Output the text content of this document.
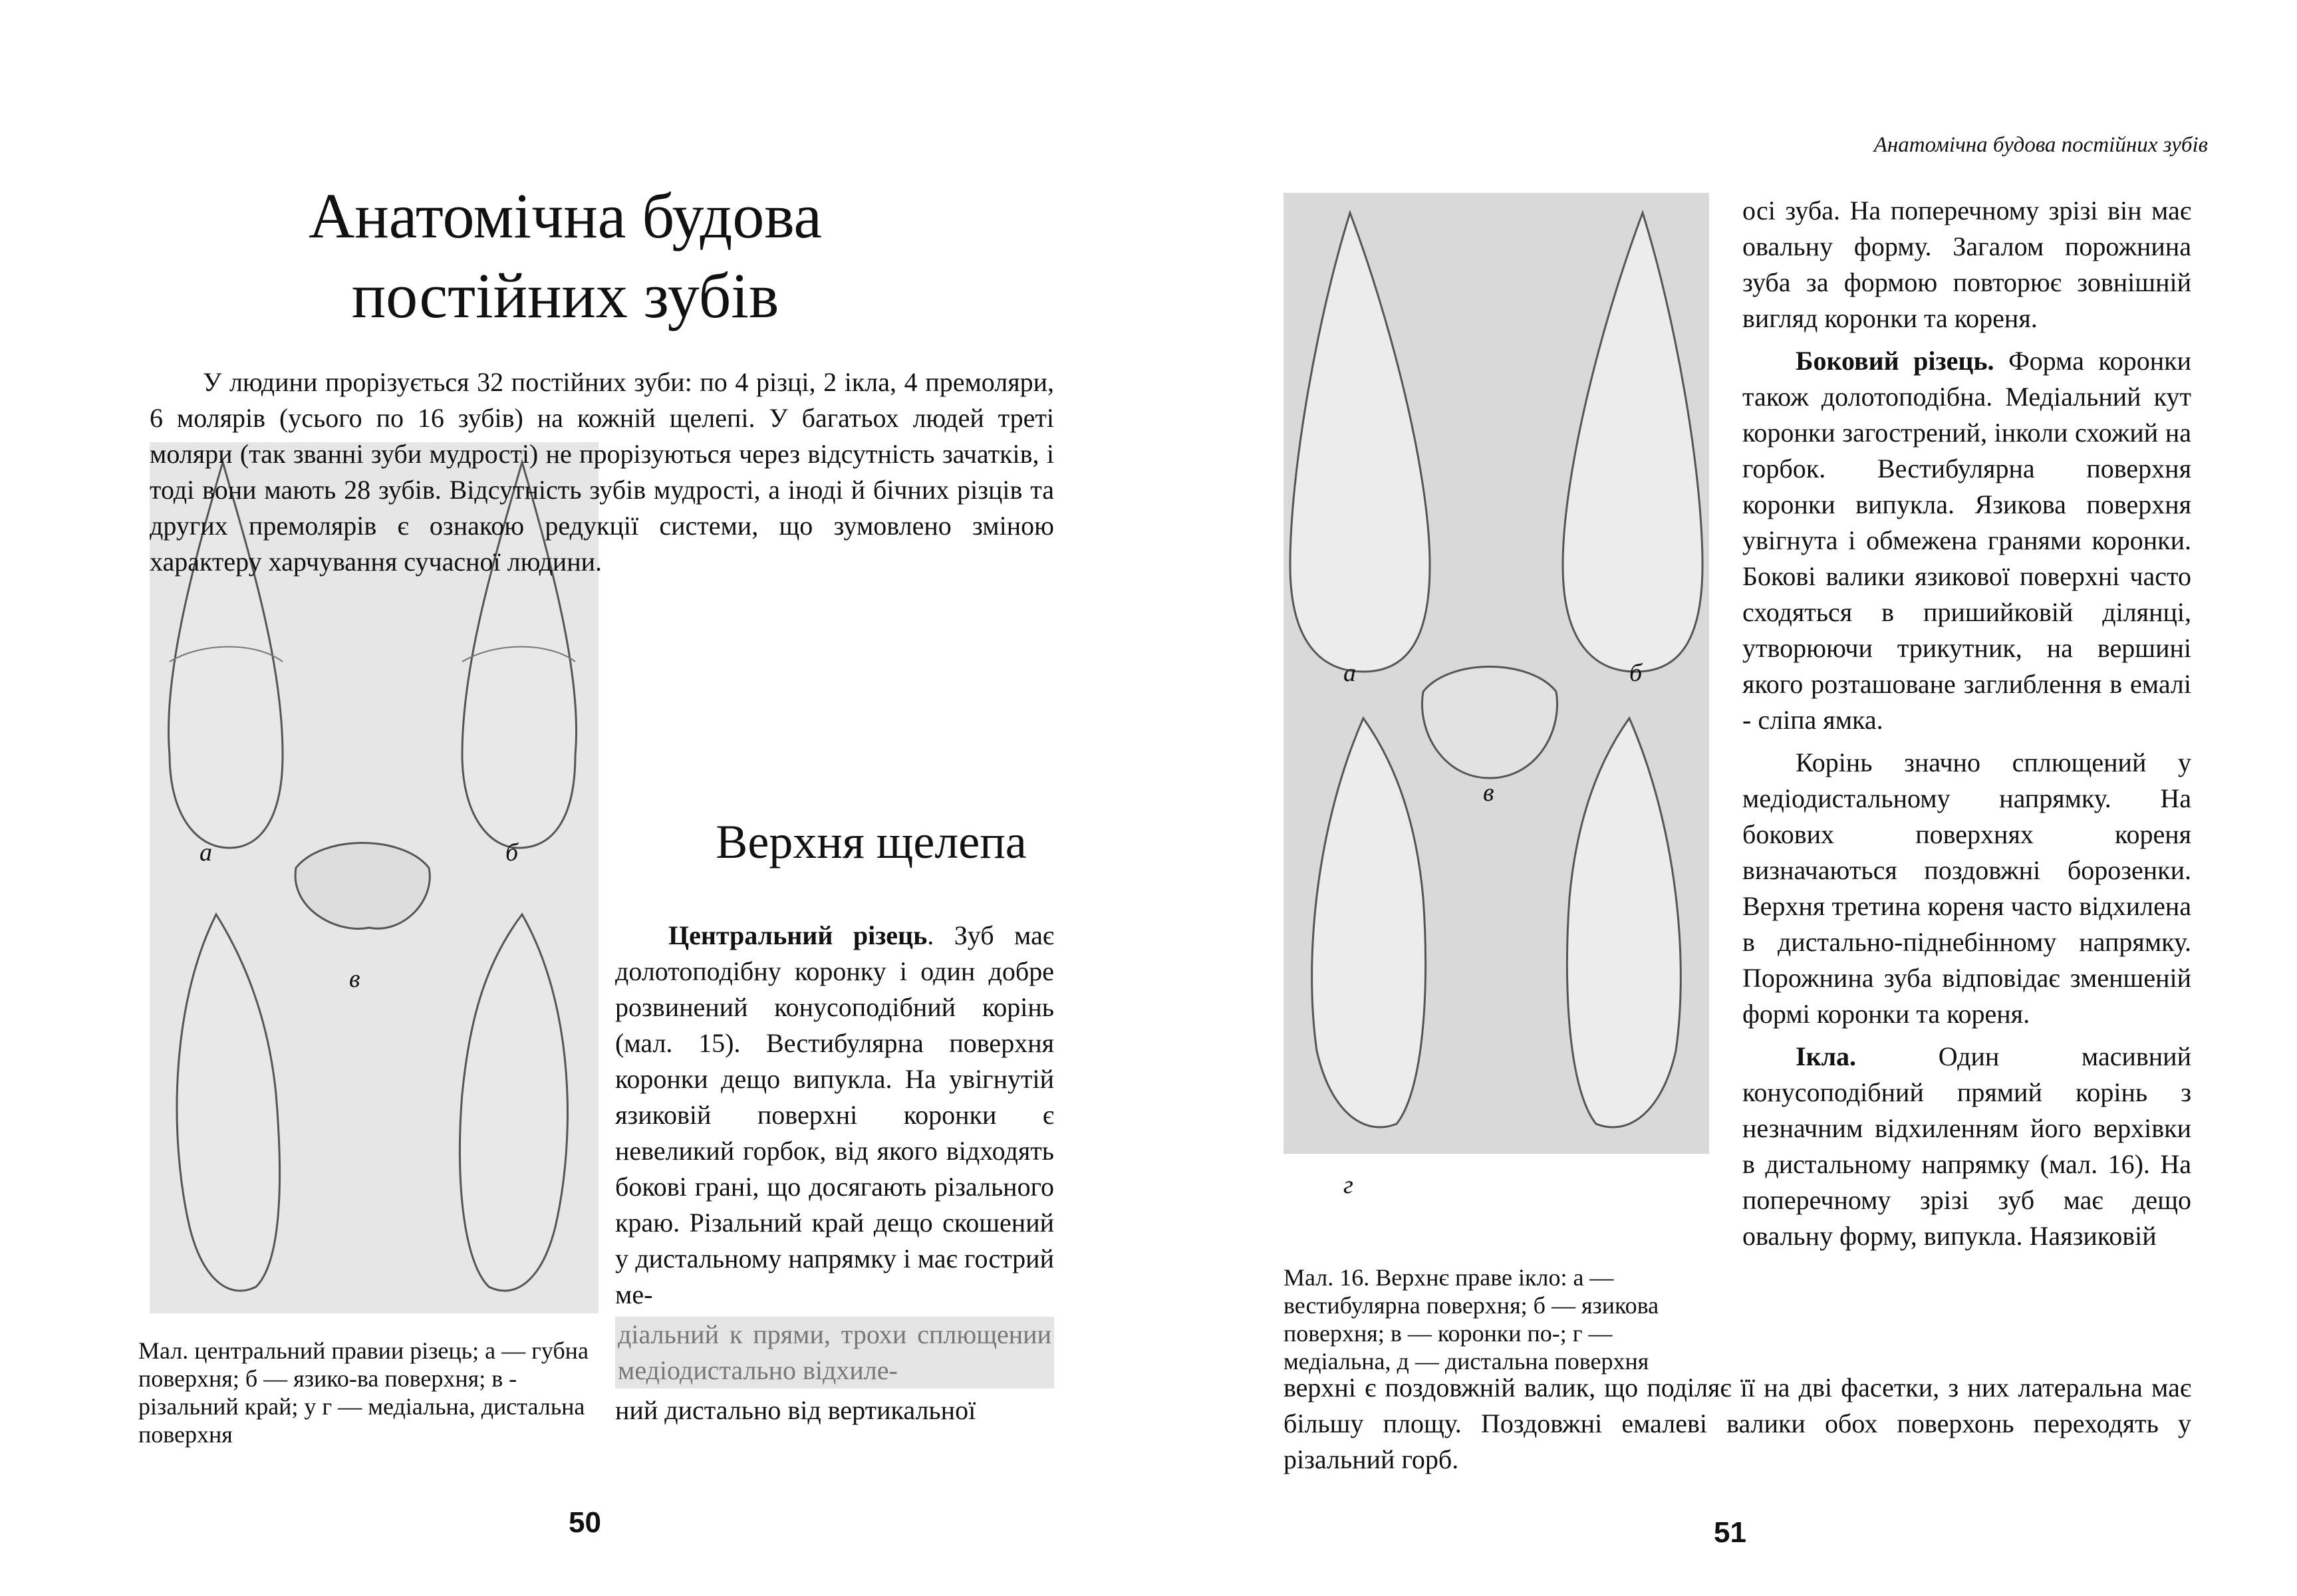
Анатомічна будова
постійних зубів
а	б
в

У людини прорізується 32 постійних зуби: по 4 різці, 2 ікла, 4 премоляри, 6 молярів (усього по 16 зубів) на кожній щелепі. У багатьох людей треті моляри (так званні зуби мудрості) не прорізуються через відсутність зачатків, і тоді вони мають 28 зубів. Відсутність зубів мудрості, а іноді й бічних різців та других премолярів є ознакою редукції системи, що зумовлено зміною характеру харчування сучасної людини.

Верхня щелепа

Центральний різець. Зуб має долотоподібну коронку і один добре розвинений конусоподібний корінь (мал. 15). Вестибулярна поверхня коронки дещо випукла. На увігнутій язиковій поверхні коронки є невеликий горбок, від якого відходять бокові грані, що досягають різального краю. Різальний край дещо скошений у дистальному напрямку і має гострий ме-

діальний к прями, трохи сплющении медіодистально відхиле-
ний дистально від вертикальної
Мал. центральний правии різець; а — губна поверхня; б — язико-ва поверхня; в - різальний край; у г — медіальна, дистальна поверхня
50
Анатомічна будова постійних зубів
а	б
в
г

осі зуба. На поперечному зрізі він має овальну форму. Загалом порожнина зуба за формою повторює зовнішній вигляд коронки та кореня.

Боковий різець. Форма коронки також долотоподібна. Медіальний кут коронки загострений, інколи схожий на горбок. Вестибулярна поверхня коронки випукла. Язикова поверхня увігнута і обмежена гранями коронки. Бокові валики язикової поверхні часто сходяться в пришийковій ділянці, утворюючи трикутник, на вершині якого розташоване заглиблення в емалі - сліпа ямка.

Корінь значно сплющений у медіодистальному напрямку. На бокових поверхнях кореня визначаються поздовжні борозенки. Верхня третина кореня часто відхилена в дистально-піднебінному напрямку. Порожнина зуба відповідає зменшеній формі коронки та кореня.

Ікла.	Один масивний конусоподібний прямий корінь з незначним відхиленням його верхівки в дистальному напрямку (мал. 16). На поперечному зрізі зуб має дещо овальну форму, випукла. Наязиковій

Мал. 16. Верхнє праве ікло: а — вестибулярна поверхня; б — язикова поверхня; в — коронки по-; г — медіальна, д — дистальна поверхня

верхні є поздовжній валик, що поділяє її на дві фасетки, з них латеральна має більшу площу. Поздовжні емалеві валики обох поверхонь переходять у різальний горб.

51
